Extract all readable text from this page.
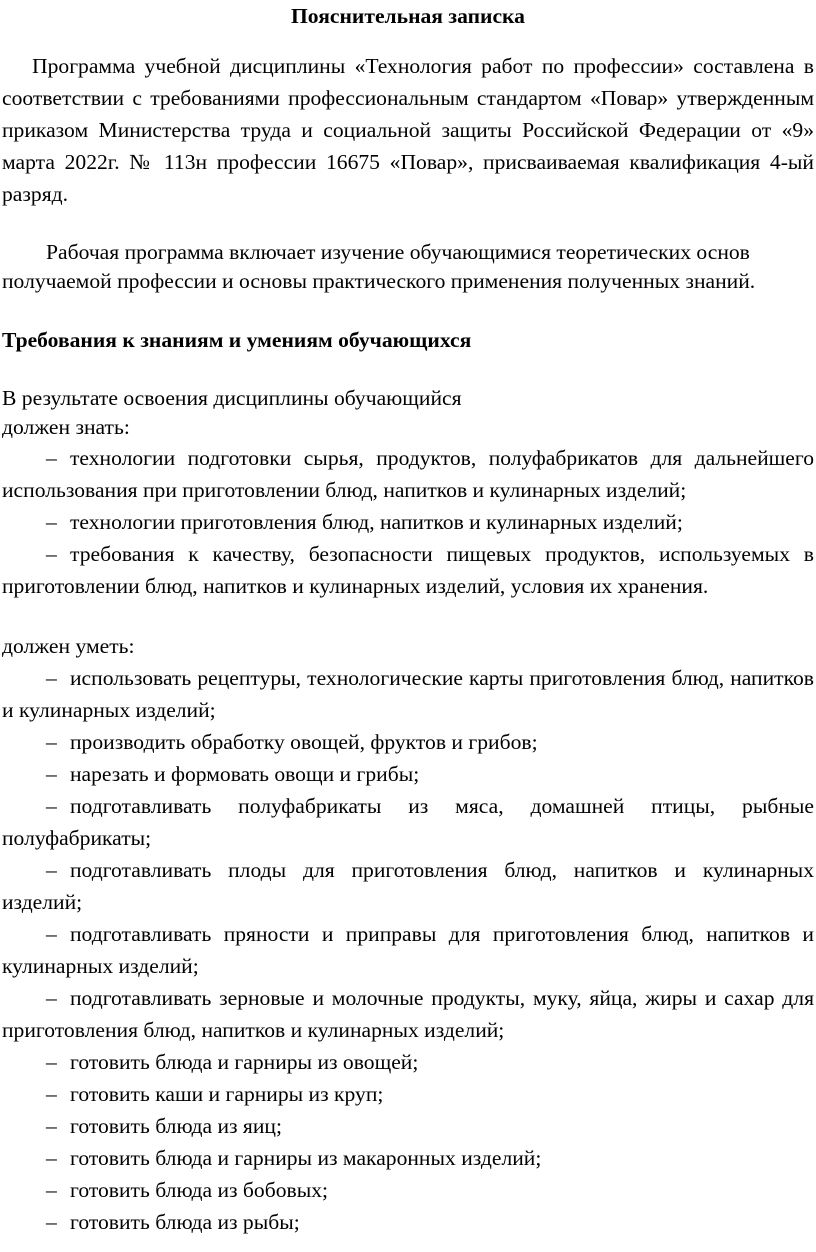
Пояснительная записка

Программа учебной дисциплины «Технология работ по профессии» составлена в соответствии с требованиями профессиональным стандартом «Повар» утвержденным приказом Министерства труда и социальной защиты Российской Федерации от «9» марта 2022г. № 113н профессии 16675 «Повар», присваиваемая квалификация 4-ый разряд.

Рабочая программа включает изучение обучающимися теоретических основ получаемой профессии и основы практического применения полученных знаний.

Требования к знаниям и умениям обучающихся

В результате освоения дисциплины обучающийся

должен знать:

– технологии подготовки сырья, продуктов, полуфабрикатов для дальнейшего использования при приготовлении блюд, напитков и кулинарных изделий;

– технологии приготовления блюд, напитков и кулинарных изделий;

– требования к качеству, безопасности пищевых продуктов, используемых в приготовлении блюд, напитков и кулинарных изделий, условия их хранения.

должен уметь:

– использовать рецептуры, технологические карты приготовления блюд, напитков и кулинарных изделий;

– производить обработку овощей, фруктов и грибов;

– нарезать и формовать овощи и грибы;

– подготавливать полуфабрикаты из мяса, домашней птицы, рыбные полуфабрикаты;

– подготавливать плоды для приготовления блюд, напитков и кулинарных изделий;

– подготавливать пряности и приправы для приготовления блюд, напитков и кулинарных изделий;

– подготавливать зерновые и молочные продукты, муку, яйца, жиры и сахар для приготовления блюд, напитков и кулинарных изделий;

– готовить блюда и гарниры из овощей;

– готовить каши и гарниры из круп;

– готовить блюда из яиц;

– готовить блюда и гарниры из макаронных изделий;

– готовить блюда из бобовых;

– готовить блюда из рыбы;
